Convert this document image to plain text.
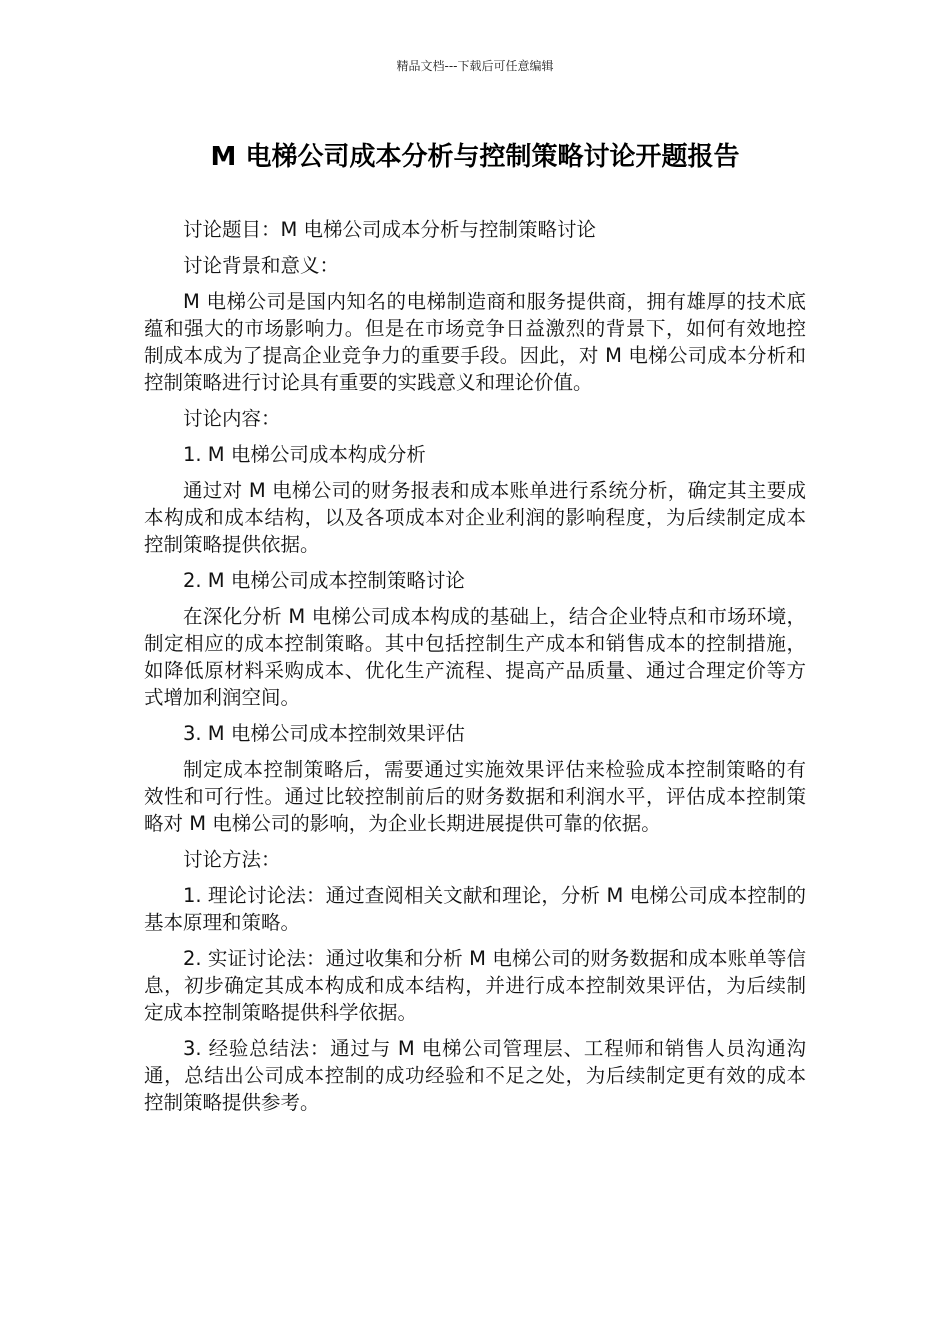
精品文档---下载后可任意编辑
M 电梯公司成本分析与控制策略讨论开题报告

讨论题目：M 电梯公司成本分析与控制策略讨论

讨论背景和意义：

M 电梯公司是国内知名的电梯制造商和服务提供商，拥有雄厚的技术底蕴和强大的市场影响力。但是在市场竞争日益激烈的背景下，如何有效地控制成本成为了提高企业竞争力的重要手段。因此，对 M 电梯公司成本分析和控制策略进行讨论具有重要的实践意义和理论价值。

讨论内容：

1. M 电梯公司成本构成分析

通过对 M 电梯公司的财务报表和成本账单进行系统分析，确定其主要成本构成和成本结构，以及各项成本对企业利润的影响程度，为后续制定成本控制策略提供依据。

2. M 电梯公司成本控制策略讨论

在深化分析 M 电梯公司成本构成的基础上，结合企业特点和市场环境，制定相应的成本控制策略。其中包括控制生产成本和销售成本的控制措施，如降低原材料采购成本、优化生产流程、提高产品质量、通过合理定价等方式增加利润空间。

3. M 电梯公司成本控制效果评估

制定成本控制策略后，需要通过实施效果评估来检验成本控制策略的有效性和可行性。通过比较控制前后的财务数据和利润水平，评估成本控制策略对 M 电梯公司的影响，为企业长期进展提供可靠的依据。

讨论方法：

1. 理论讨论法：通过查阅相关文献和理论，分析 M 电梯公司成本控制的基本原理和策略。

2. 实证讨论法：通过收集和分析 M 电梯公司的财务数据和成本账单等信息，初步确定其成本构成和成本结构，并进行成本控制效果评估，为后续制定成本控制策略提供科学依据。

3. 经验总结法：通过与 M 电梯公司管理层、工程师和销售人员沟通沟通，总结出公司成本控制的成功经验和不足之处，为后续制定更有效的成本控制策略提供参考。
